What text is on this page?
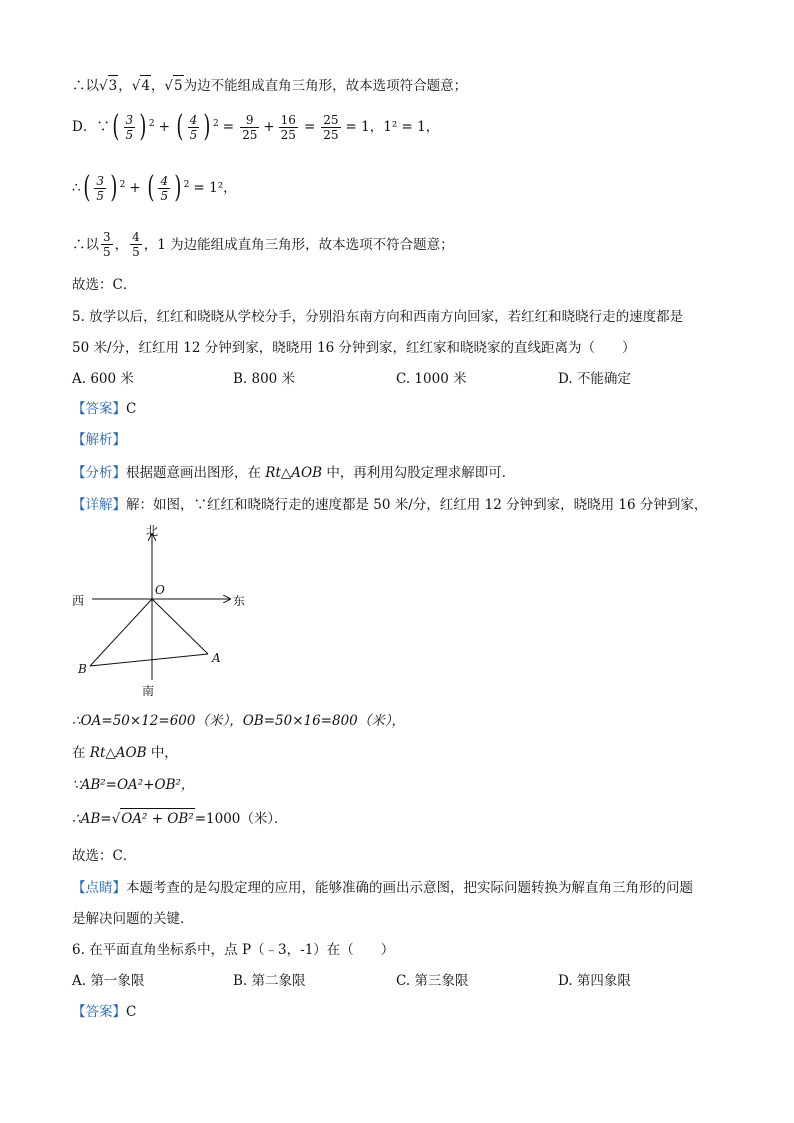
∴以√3，√4，√5为边不能组成直角三角形，故本选项符合题意；
D．∵ ( $\frac{3}{5}$ ) $^2$ + ( $\frac{4}{5}$ ) $^2 = \frac{9}{25} + \frac{16}{25} = \frac{25}{25} = 1$，1² = 1，
∴ ( $\frac{3}{5}$ ) $^2$ + ( $\frac{4}{5}$ ) $^2$ = 1²，
∴以 $\frac{3}{5}$ ， $\frac{4}{5}$ ，1 为边能组成直角三角形，故本选项不符合题意；
故选：C．
5. 放学以后，红红和晓晓从学校分手，分别沿东南方向和西南方向回家，若红红和晓晓行走的速度都是
50 米/分，红红用 12 分钟到家，晓晓用 16 分钟到家，红红家和晓晓家的直线距离为（　　）
A. 600 米	B. 800 米	C. 1000 米	D. 不能确定
【答案】C
【解析】
【分析】根据题意画出图形，在 Rt△AOB 中，再利用勾股定理求解即可．
【详解】解：如图，∵红红和晓晓行走的速度都是 50 米/分，红红用 12 分钟到家，晓晓用 16 分钟到家，
北
西	东
O
B
A
南
∴OA=50×12=600（米），OB=50×16=800（米），
在 Rt△AOB 中，
∵AB²=OA²+OB²，
∴AB=√OA² + OB²=1000（米）．
故选：C．
【点睛】本题考查的是勾股定理的应用，能够准确的画出示意图，把实际问题转换为解直角三角形的问题
是解决问题的关键．
6. 在平面直角坐标系中，点 P（﹣3，-1）在（　　）
A. 第一象限	B. 第二象限	C. 第三象限	D. 第四象限
【答案】C
